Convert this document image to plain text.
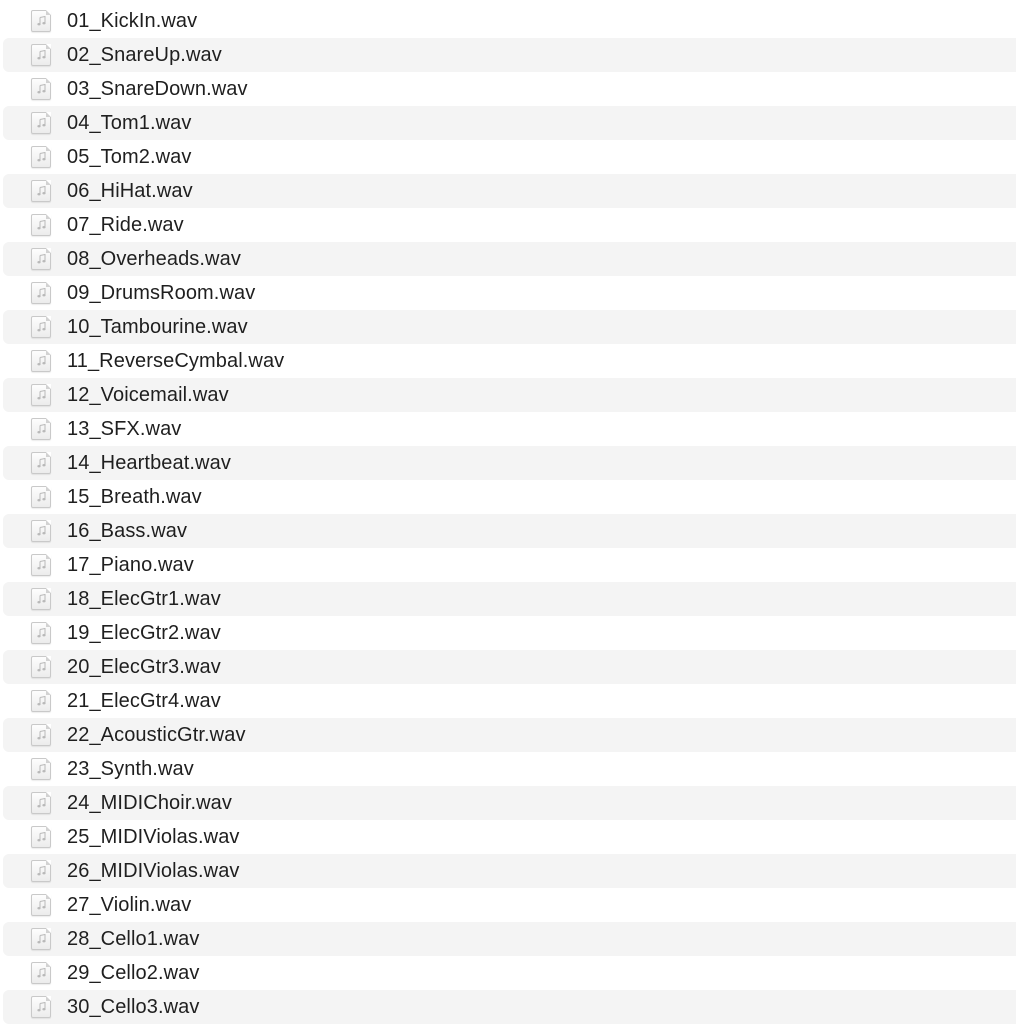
01_KickIn.wav
02_SnareUp.wav
03_SnareDown.wav
04_Tom1.wav
05_Tom2.wav
06_HiHat.wav
07_Ride.wav
08_Overheads.wav
09_DrumsRoom.wav
10_Tambourine.wav
11_ReverseCymbal.wav
12_Voicemail.wav
13_SFX.wav
14_Heartbeat.wav
15_Breath.wav
16_Bass.wav
17_Piano.wav
18_ElecGtr1.wav
19_ElecGtr2.wav
20_ElecGtr3.wav
21_ElecGtr4.wav
22_AcousticGtr.wav
23_Synth.wav
24_MIDIChoir.wav
25_MIDIViolas.wav
26_MIDIViolas.wav
27_Violin.wav
28_Cello1.wav
29_Cello2.wav
30_Cello3.wav
